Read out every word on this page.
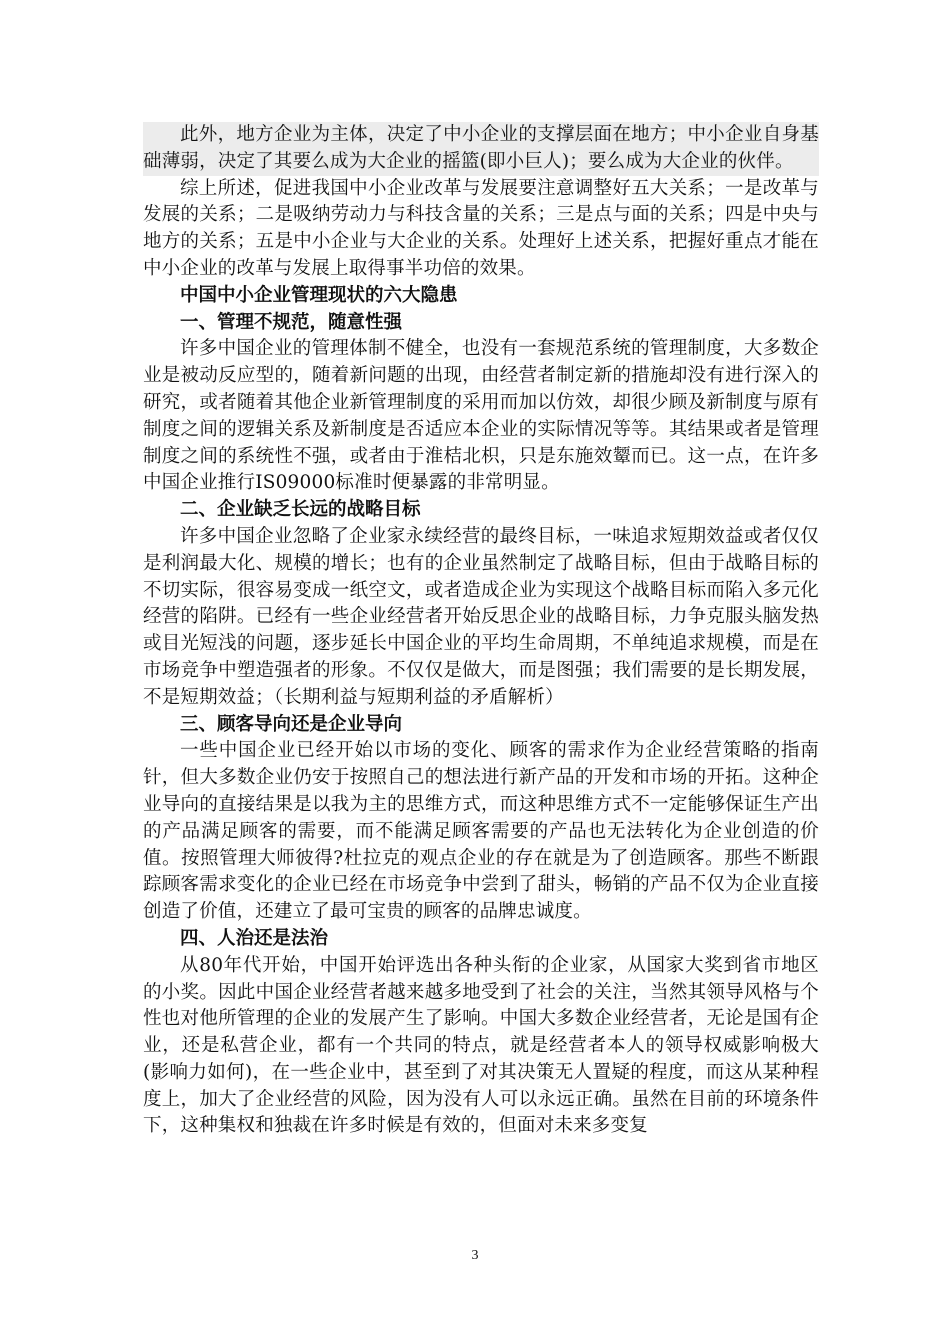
此外，地方企业为主体，决定了中小企业的支撑层面在地方；中小企业自身基础薄弱，决定了其要么成为大企业的摇篮(即小巨人)；要么成为大企业的伙伴。

综上所述，促进我国中小企业改革与发展要注意调整好五大关系；一是改革与发展的关系；二是吸纳劳动力与科技含量的关系；三是点与面的关系；四是中央与地方的关系；五是中小企业与大企业的关系。处理好上述关系，把握好重点才能在中小企业的改革与发展上取得事半功倍的效果。

中国中小企业管理现状的六大隐患

一、管理不规范，随意性强

许多中国企业的管理体制不健全，也没有一套规范系统的管理制度，大多数企业是被动反应型的，随着新问题的出现，由经营者制定新的措施却没有进行深入的研究，或者随着其他企业新管理制度的采用而加以仿效，却很少顾及新制度与原有制度之间的逻辑关系及新制度是否适应本企业的实际情况等等。其结果或者是管理制度之间的系统性不强，或者由于淮桔北枳，只是东施效颦而已。这一点，在许多中国企业推行IS09000标准时便暴露的非常明显。

二、企业缺乏长远的战略目标

许多中国企业忽略了企业家永续经营的最终目标，一味追求短期效益或者仅仅是利润最大化、规模的增长；也有的企业虽然制定了战略目标，但由于战略目标的不切实际，很容易变成一纸空文，或者造成企业为实现这个战略目标而陷入多元化经营的陷阱。已经有一些企业经营者开始反思企业的战略目标，力争克服头脑发热或目光短浅的问题，逐步延长中国企业的平均生命周期，不单纯追求规模，而是在市场竞争中塑造强者的形象。不仅仅是做大，而是图强；我们需要的是长期发展，不是短期效益；（长期利益与短期利益的矛盾解析）

三、顾客导向还是企业导向

一些中国企业已经开始以市场的变化、顾客的需求作为企业经营策略的指南针，但大多数企业仍安于按照自己的想法进行新产品的开发和市场的开拓。这种企业导向的直接结果是以我为主的思维方式，而这种思维方式不一定能够保证生产出的产品满足顾客的需要，而不能满足顾客需要的产品也无法转化为企业创造的价值。按照管理大师彼得?杜拉克的观点企业的存在就是为了创造顾客。那些不断跟踪顾客需求变化的企业已经在市场竞争中尝到了甜头，畅销的产品不仅为企业直接创造了价值，还建立了最可宝贵的顾客的品牌忠诚度。

四、人治还是法治

从80年代开始，中国开始评选出各种头衔的企业家，从国家大奖到省市地区的小奖。因此中国企业经营者越来越多地受到了社会的关注，当然其领导风格与个性也对他所管理的企业的发展产生了影响。中国大多数企业经营者，无论是国有企业，还是私营企业，都有一个共同的特点，就是经营者本人的领导权威影响极大(影响力如何)，在一些企业中，甚至到了对其决策无人置疑的程度，而这从某种程度上，加大了企业经营的风险，因为没有人可以永远正确。虽然在目前的环境条件下，这种集权和独裁在许多时候是有效的，但面对未来多变复

3
